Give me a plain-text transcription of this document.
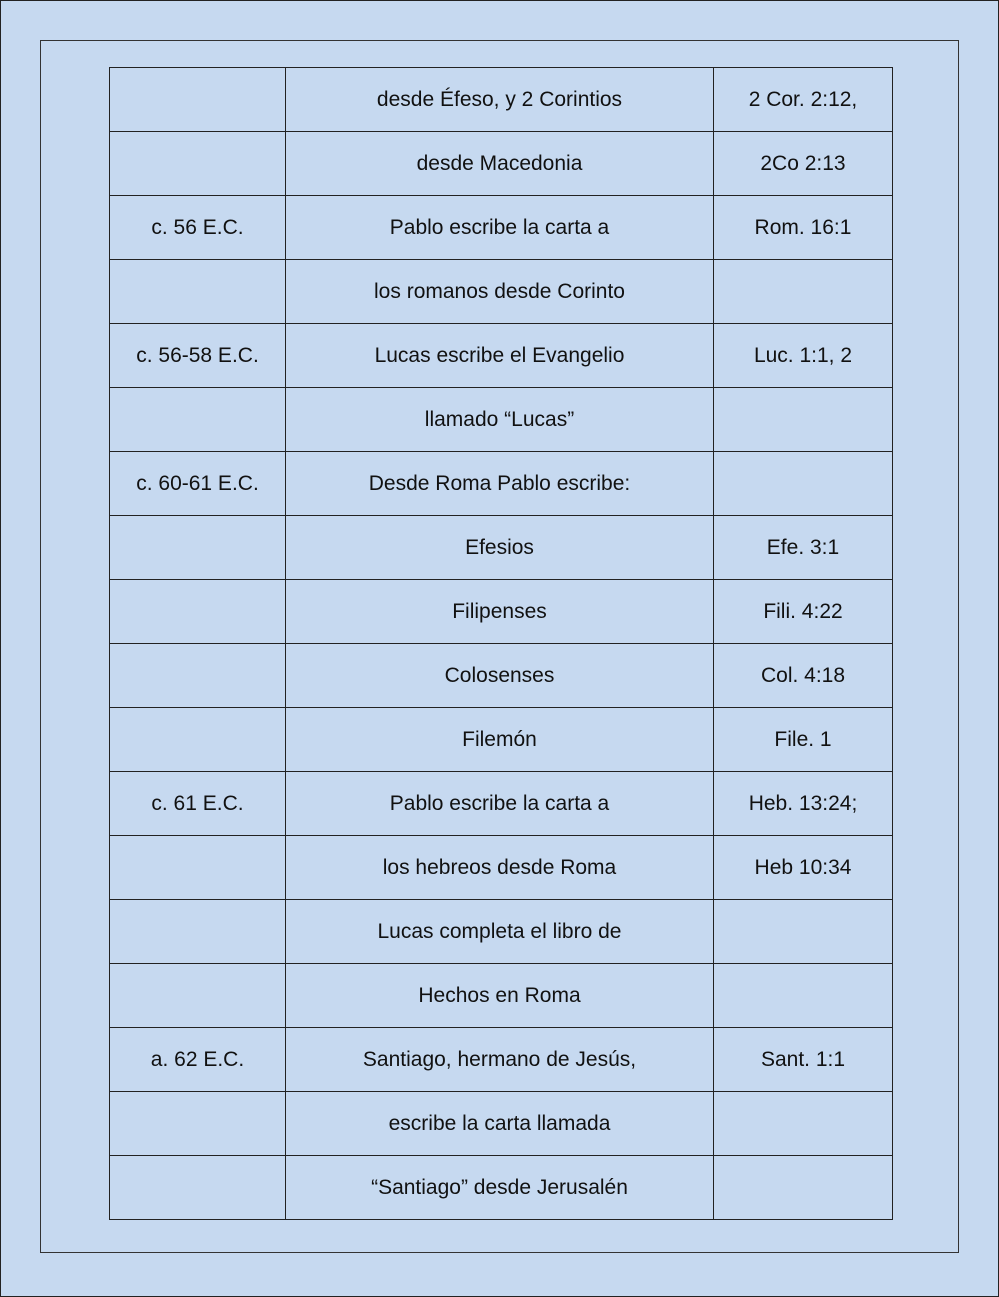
	desde Éfeso, y 2 Corintios	2 Cor. 2:12,
	desde Macedonia	2Co 2:13
c. 56 E.C.	Pablo escribe la carta a	Rom. 16:1
	los romanos desde Corinto	
c. 56-58 E.C.	Lucas escribe el Evangelio	Luc. 1:1, 2
	llamado “Lucas”	
c. 60-61 E.C.	Desde Roma Pablo escribe:	
	Efesios	Efe. 3:1
	Filipenses	Fili. 4:22
	Colosenses	Col. 4:18
	Filemón	File. 1
c. 61 E.C.	Pablo escribe la carta a	Heb. 13:24;
	los hebreos desde Roma	Heb 10:34
	Lucas completa el libro de	
	Hechos en Roma	
a. 62 E.C.	Santiago, hermano de Jesús,	Sant. 1:1
	escribe la carta llamada	
	“Santiago” desde Jerusalén	
